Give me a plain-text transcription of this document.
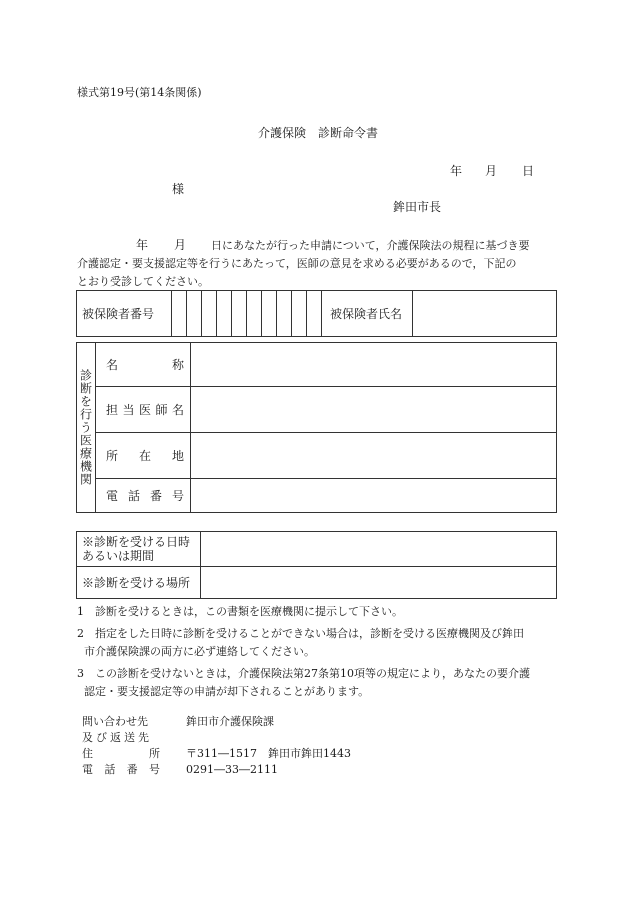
様式第19号(第14条関係)
介護保険　診断命令書
年 月 日
様
鉾田市長
年 月 日にあなたが行った申請について，介護保険法の規程に基づき要
介護認定・要支援認定等を行うにあたって，医師の意見を求める必要があるので，下記の
とおり受診してください。
被保険者番号											被保険者氏名	
診断を行う医療機関	名 称	

	担 当 医 師 名	

	所 在 地	

	電 話 番 号	

※診断を受ける日時
あるいは期間	

※診断を受ける場所	
1	診断を受けるときは，この書類を医療機関に提示して下さい。
2	指定をした日時に診断を受けることができない場合は，診断を受ける医療機関及び鉾田
市介護保険課の両方に必ず連絡してください。
3	この診断を受けないときは，介護保険法第27条第10項等の規定により，あなたの要介護
認定・要支援認定等の申請が却下されることがあります。
問い合わせ先	鉾田市介護保険課
及び返送先
住	所 〒311―1517　鉾田市鉾田1443
電 話 番 号 0291―33―2111
